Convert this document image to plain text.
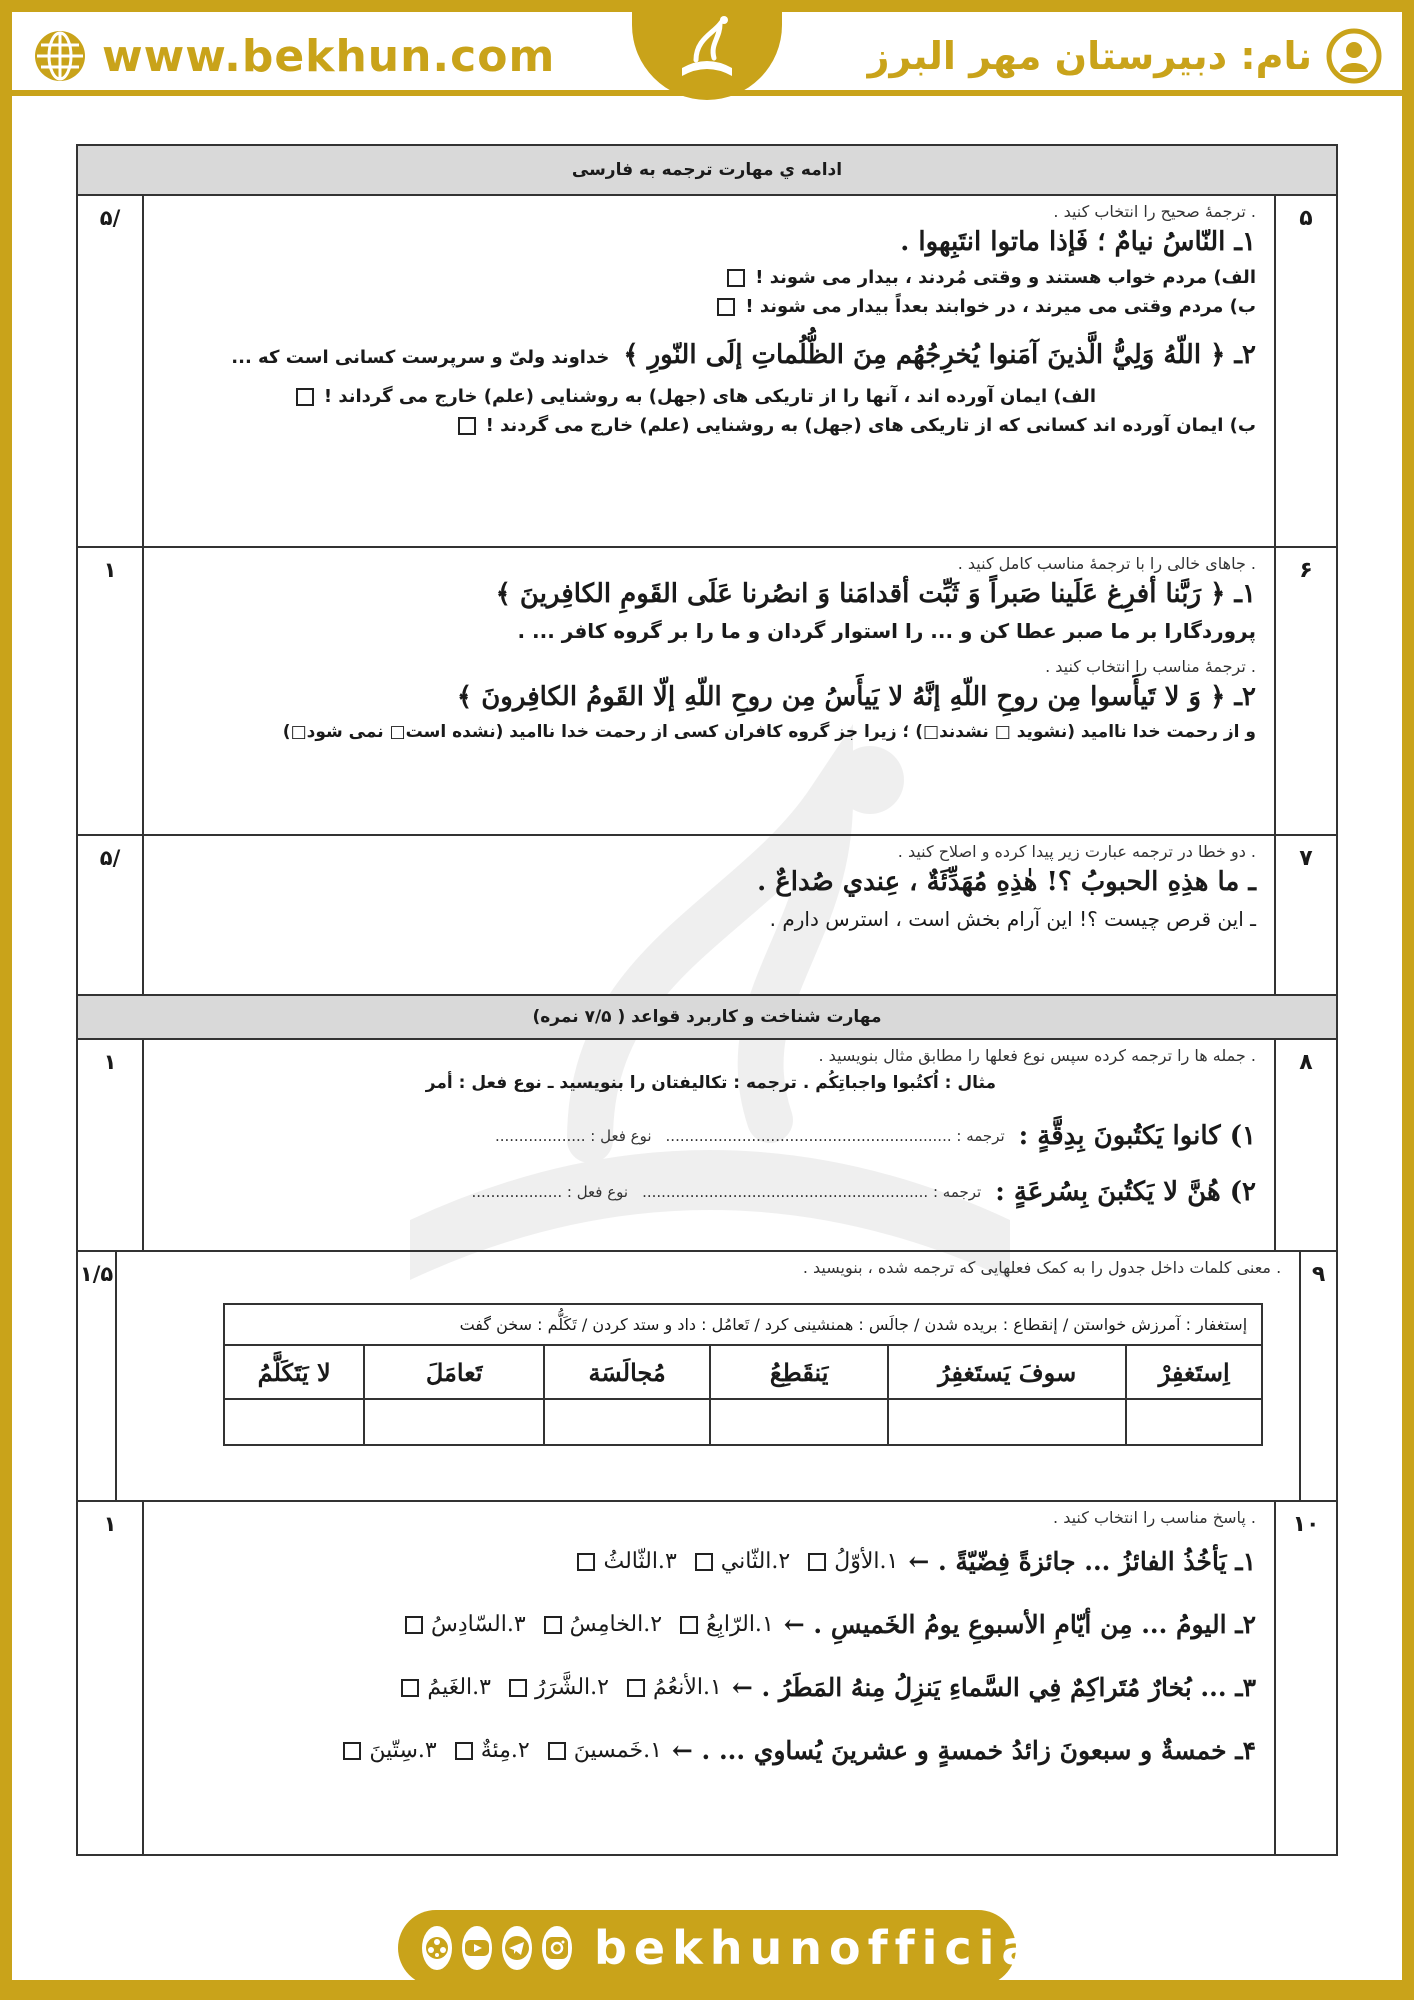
www.bekhun.com	نام: دبیرستان مهر البرز
ادامه ي مهارت ترجمه به فارسی
۵
. ترجمهٔ صحیح را انتخاب کنید .
۱ـ النّاسُ نیامٌ ؛ فَإذا ماتوا انتَبِهوا .
الف) مردم خواب هستند و وقتی مُردند ، بیدار می شوند !
ب) مردم وقتی می میرند ، در خوابند بعداً بیدار می شوند !
۲ـ ﴿ اللّهُ وَلِيُّ الَّذینَ آمَنوا یُخرِجُهُم مِنَ الظُّلُماتِ إلَی النّورِ ﴾
خداوند ولیّ و سرپرست کسانی است که ...
الف) ایمان آورده اند ، آنها را از تاریکی های (جهل) به روشنایی (علم) خارج می گرداند !
ب) ایمان آورده اند کسانی که از تاریکی های (جهل) به روشنایی (علم) خارج می گردند !
/۵
۶
. جاهای خالی را با ترجمهٔ مناسب کامل کنید .
۱ـ ﴿ رَبَّنا أفرِغ عَلَینا صَبراً وَ ثَبِّت أقدامَنا وَ انصُرنا عَلَی القَومِ الکافِرینَ ﴾
پروردگارا بر ما صبر عطا کن و ... را استوار گردان و ما را بر گروه کافر ... .
. ترجمهٔ مناسب را انتخاب کنید .
۲ـ ﴿ وَ لا تَیأَسوا مِن روحِ اللّهِ إنَّهُ لا یَیأَسُ مِن روحِ اللّهِ إلّا القَومُ الکافِرونَ ﴾
و از رحمت خدا ناامید (نشوید □ نشدند□) ؛ زیرا جز گروه کافران کسی از رحمت خدا ناامید (نشده است□ نمی شود□)
۱
۷
. دو خطا در ترجمه عبارت زیر پیدا کرده و اصلاح کنید .
ـ ما هذِهِ الحبوبُ ؟! هٰذِهِ مُهَدِّئَةٌ ، عِندي صُداعٌ .
ـ این قرص چیست ؟! این آرام بخش است ، استرس دارم .
/۵
مهارت شناخت و کاربرد قواعد ( ۷/۵ نمره)
۸
. جمله ها را ترجمه کرده سپس نوع فعلها را مطابق مثال بنویسید .
مثال : اُكتُبوا واجباتِكُم . ترجمه : تکالیفتان را بنویسید ـ نوع فعل : أمر
۱) کانوا یَکتُبونَ بِدِقَّةٍ :
ترجمه : ............................................................
نوع فعل : ...................
۲) هُنَّ لا یَکتُبنَ بِسُرعَةٍ :
ترجمه : ............................................................
نوع فعل : ...................
۱
۹
. معنی کلمات داخل جدول را به کمک فعلهایی که ترجمه شده ، بنویسید .
إستغفار : آمرزش خواستن / إنقطاع : بریده شدن / جالَس : همنشینی کرد / تَعامُل : داد و ستد کردن / تَكَلُّم : سخن گفت
اِستَغفِرْ
سوفَ یَستَغفِرُ
یَنقَطِعُ
مُجالَسَة
تَعامَلَ
لا یَتَکَلَّمُ
۱/۵
۱۰
. پاسخ مناسب را انتخاب کنید .
۱ـ یَأخُذُ الفائزُ ... جائزةً فِضّیّةً . ←
۱.الأوّلُ
۲.الثّاني
۳.الثّالثُ
۲ـ الیومُ ... مِن أیّامِ الأسبوعِ یومُ الخَمیسِ . ←
۱.الرّابِعُ
۲.الخامِسُ
۳.السّادِسُ
۳ـ ... بُخارٌ مُتَراکِمٌ فِي السَّماءِ یَنزِلُ مِنهُ المَطَرُ . ←
۱.الأنعُمُ
۲.الشَّرَرُ
۳.الغَیمُ
۴ـ خمسةٌ و سبعونَ زائدُ خمسةٍ و عشرینَ یُساوي ... . ←
۱.خَمسینَ
۲.مِئةٌ
۳.سِتّینَ
۱
bekhunofficial
